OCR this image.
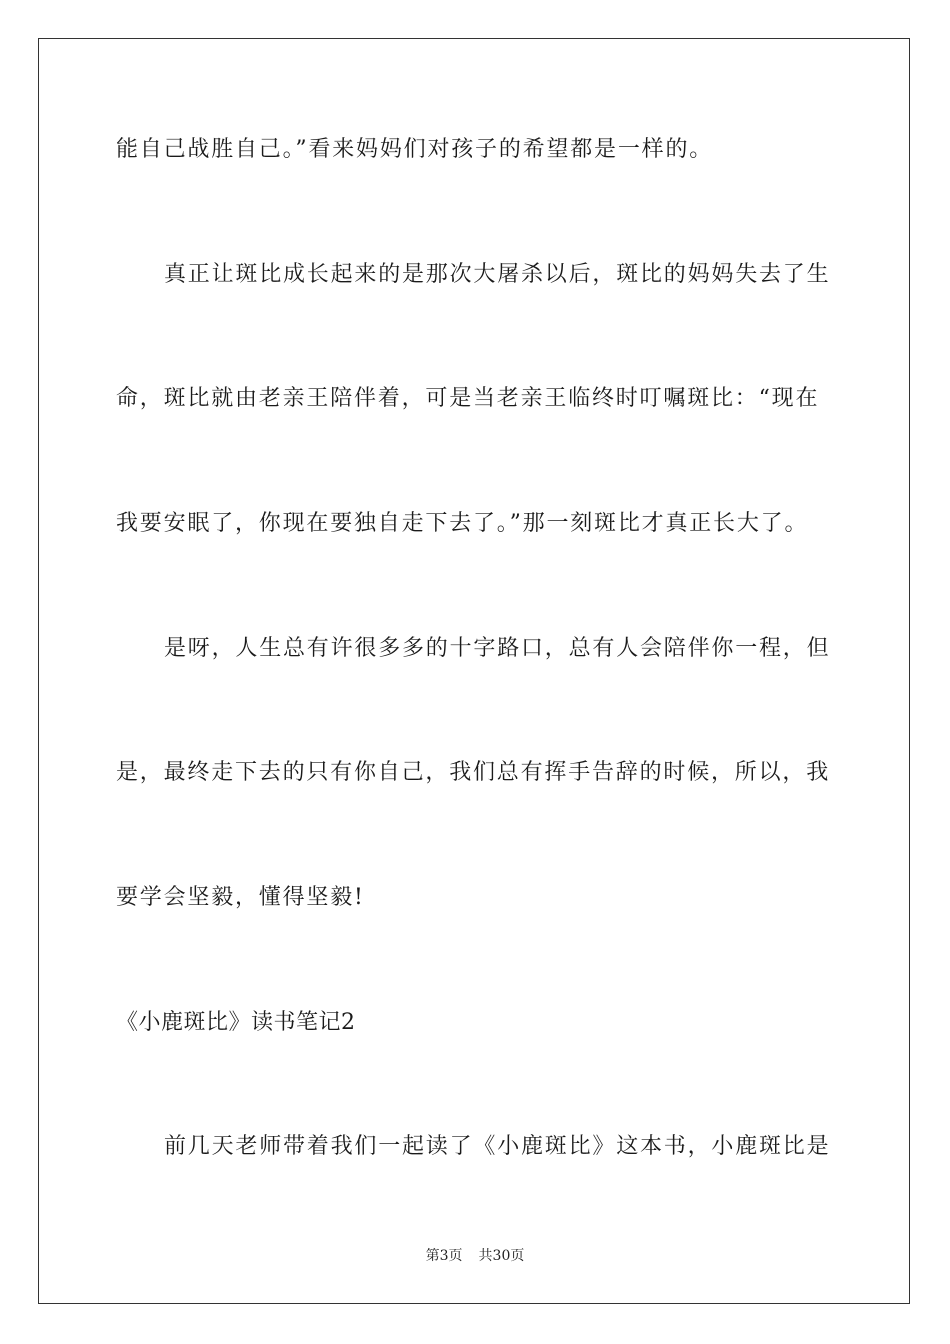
能自己战胜自己。”看来妈妈们对孩子的希望都是一样的。
真正让斑比成长起来的是那次大屠杀以后，斑比的妈妈失去了生
命，斑比就由老亲王陪伴着，可是当老亲王临终时叮嘱斑比：“现在
我要安眠了，你现在要独自走下去了。”那一刻斑比才真正长大了。
是呀，人生总有许很多多的十字路口，总有人会陪伴你一程，但
是，最终走下去的只有你自己，我们总有挥手告辞的时候，所以，我
要学会坚毅，懂得坚毅!
《小鹿斑比》读书笔记2
前几天老师带着我们一起读了《小鹿斑比》这本书，小鹿斑比是
第3页 共30页
